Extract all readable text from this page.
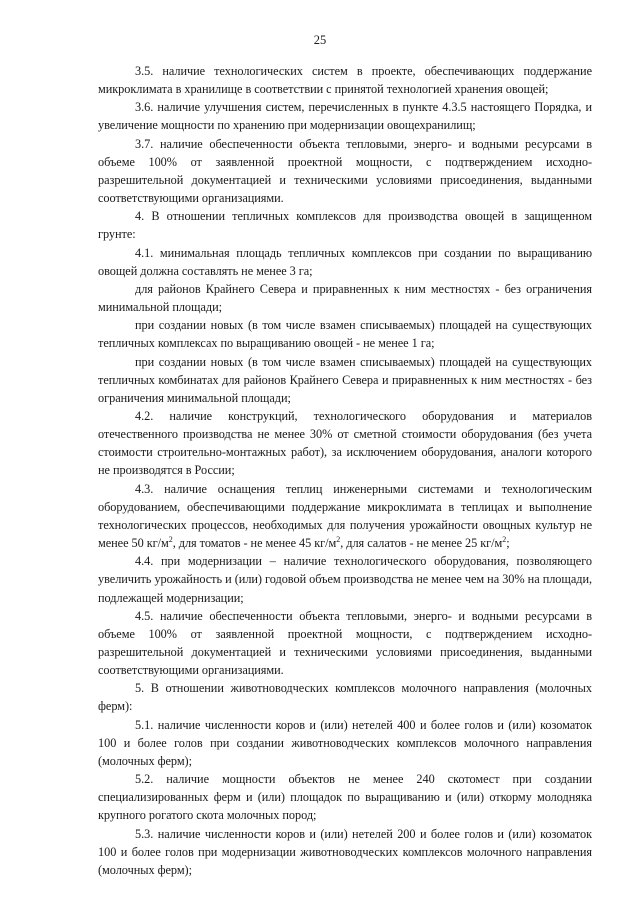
25

3.5. наличие технологических систем в проекте, обеспечивающих поддержание микроклимата в хранилище в соответствии с принятой технологией хранения овощей;

3.6. наличие улучшения систем, перечисленных в пункте 4.3.5 настоящего Порядка, и увеличение мощности по хранению при модернизации овощехранилищ;

3.7. наличие обеспеченности объекта тепловыми, энерго- и водными ресурсами в объеме 100% от заявленной проектной мощности, с подтверждением исходно-разрешительной документацией и техническими условиями присоединения, выданными соответствующими организациями.

4. В отношении тепличных комплексов для производства овощей в защищенном грунте:

4.1. минимальная площадь тепличных комплексов при создании по выращиванию овощей должна составлять не менее 3 га;

для районов Крайнего Севера и приравненных к ним местностях - без ограничения минимальной площади;

при создании новых (в том числе взамен списываемых) площадей на существующих тепличных комплексах по выращиванию овощей - не менее 1 га;

при создании новых (в том числе взамен списываемых) площадей на существующих тепличных комбинатах для районов Крайнего Севера и приравненных к ним местностях - без ограничения минимальной площади;

4.2. наличие конструкций, технологического оборудования и материалов отечественного производства не менее 30% от сметной стоимости оборудования (без учета стоимости строительно-монтажных работ), за исключением оборудования, аналоги которого не производятся в России;

4.3. наличие оснащения теплиц инженерными системами и технологическим оборудованием, обеспечивающими поддержание микроклимата в теплицах и выполнение технологических процессов, необходимых для получения урожайности овощных культур не менее 50 $кг/м^2$, для томатов - не менее 45 $кг/м^2$, для салатов - не менее 25 $кг/м^2$;

4.4. при модернизации – наличие технологического оборудования, позволяющего увеличить урожайность и (или) годовой объем производства не менее чем на 30% на площади, подлежащей модернизации;

4.5. наличие обеспеченности объекта тепловыми, энерго- и водными ресурсами в объеме 100% от заявленной проектной мощности, с подтверждением исходно-разрешительной документацией и техническими условиями присоединения, выданными соответствующими организациями.

5. В отношении животноводческих комплексов молочного направления (молочных ферм):

5.1. наличие численности коров и (или) нетелей 400 и более голов и (или) козоматок 100 и более голов при создании животноводческих комплексов молочного направления (молочных ферм);

5.2. наличие мощности объектов не менее 240 скотомест при создании специализированных ферм и (или) площадок по выращиванию и (или) откорму молодняка крупного рогатого скота молочных пород;

5.3. наличие численности коров и (или) нетелей 200 и более голов и (или) козоматок 100 и более голов при модернизации животноводческих комплексов молочного направления (молочных ферм);
